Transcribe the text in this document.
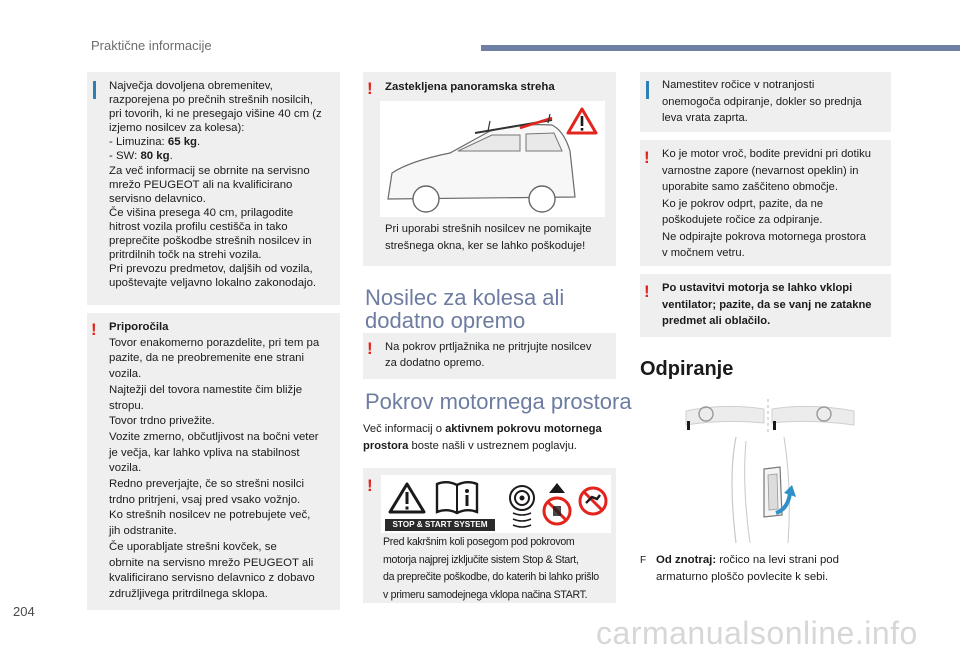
Praktične informacije
Največja dovoljena obremenitev,
razporejena po prečnih strešnih nosilcih,
pri tovorih, ki ne presegajo višine 40 cm (z
izjemo nosilcev za kolesa):
- Limuzina: 65 kg.
- SW: 80 kg.
Za več informacij se obrnite na servisno
mrežo PEUGEOT ali na kvalificirano
servisno delavnico.
Če višina presega 40 cm, prilagodite
hitrost vozila profilu cestišča in tako
preprečite poškodbe strešnih nosilcev in
pritrdilnih točk na strehi vozila.
Pri prevozu predmetov, daljših od vozila,
upoštevajte veljavno lokalno zakonodajo.
! Priporočila
Tovor enakomerno porazdelite, pri tem pa
pazite, da ne preobremenite ene strani
vozila.
Najtežji del tovora namestite čim bližje
stropu.
Tovor trdno privežite.
Vozite zmerno, občutljivost na bočni veter
je večja, kar lahko vpliva na stabilnost
vozila.
Redno preverjajte, če so strešni nosilci
trdno pritrjeni, vsaj pred vsako vožnjo.
Ko strešnih nosilcev ne potrebujete več,
jih odstranite.
Če uporabljate strešni kovček, se
obrnite na servisno mrežo PEUGEOT ali
kvalificirano servisno delavnico z dobavo
združljivega pritrdilnega sklopa.
! Zastekljena panoramska streha
Pri uporabi strešnih nosilcev ne pomikajte
strešnega okna, ker se lahko poškoduje!
Nosilec za kolesa ali
dodatno opremo
! Na pokrov prtljažnika ne pritrjujte nosilcev
za dodatno opremo.
Pokrov motornega prostora
Več informacij o aktivnem pokrovu motornega
prostora boste našli v ustreznem poglavju.
!
STOP & START SYSTEM
Pred kakršnim koli posegom pod pokrovom
motorja najprej izključite sistem Stop & Start,
da preprečite poškodbe, do katerih bi lahko prišlo
v primeru samodejnega vklopa načina START.
Namestitev ročice v notranjosti
onemogoča odpiranje, dokler so prednja
leva vrata zaprta.
! Ko je motor vroč, bodite previdni pri dotiku
varnostne zapore (nevarnost opeklin) in
uporabite samo zaščiteno območje.
Ko je pokrov odprt, pazite, da ne
poškodujete ročice za odpiranje.
Ne odpirajte pokrova motornega prostora
v močnem vetru.
! Po ustavitvi motorja se lahko vklopi
ventilator; pazite, da se vanj ne zatakne
predmet ali oblačilo.
Odpiranje
F Od znotraj: ročico na levi strani pod
armaturno ploščo povlecite k sebi.
204
carmanualsonline.info
